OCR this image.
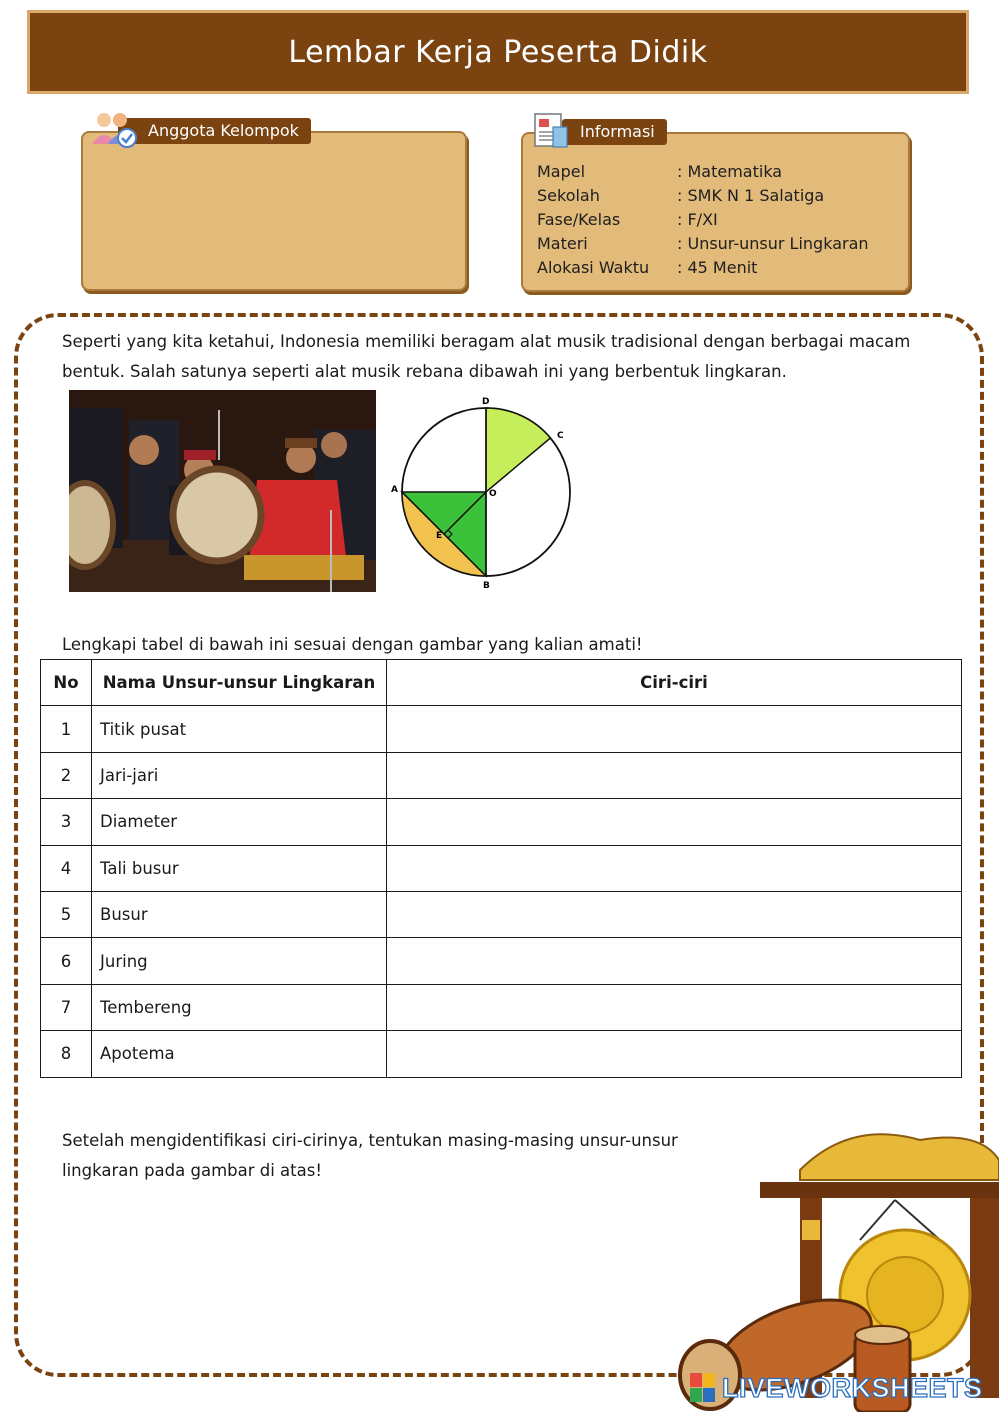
Lembar Kerja Peserta Didik
Anggota Kelompok
Mapel	: Matematika
Sekolah	: SMK N 1 Salatiga
Fase/Kelas	: F/XI
Materi	: Unsur-unsur Lingkaran
Alokasi Waktu : 45 Menit
Informasi
Seperti yang kita ketahui, Indonesia memiliki beragam alat musik tradisional dengan berbagai macam
bentuk. Salah satunya seperti alat musik rebana dibawah ini yang berbentuk lingkaran.
D
C
A	O
E
B
Lengkapi tabel di bawah ini sesuai dengan gambar yang kalian amati!
No	Nama Unsur-unsur Lingkaran	Ciri-ciri
1	Titik pusat	
2	Jari-jari	
3	Diameter	
4	Tali busur	
5	Busur	
6	Juring	
7	Tembereng	
8	Apotema	
Setelah mengidentifikasi ciri-cirinya, tentukan masing-masing unsur-unsur
lingkaran pada gambar di atas!
LIVEWORKSHEETS
